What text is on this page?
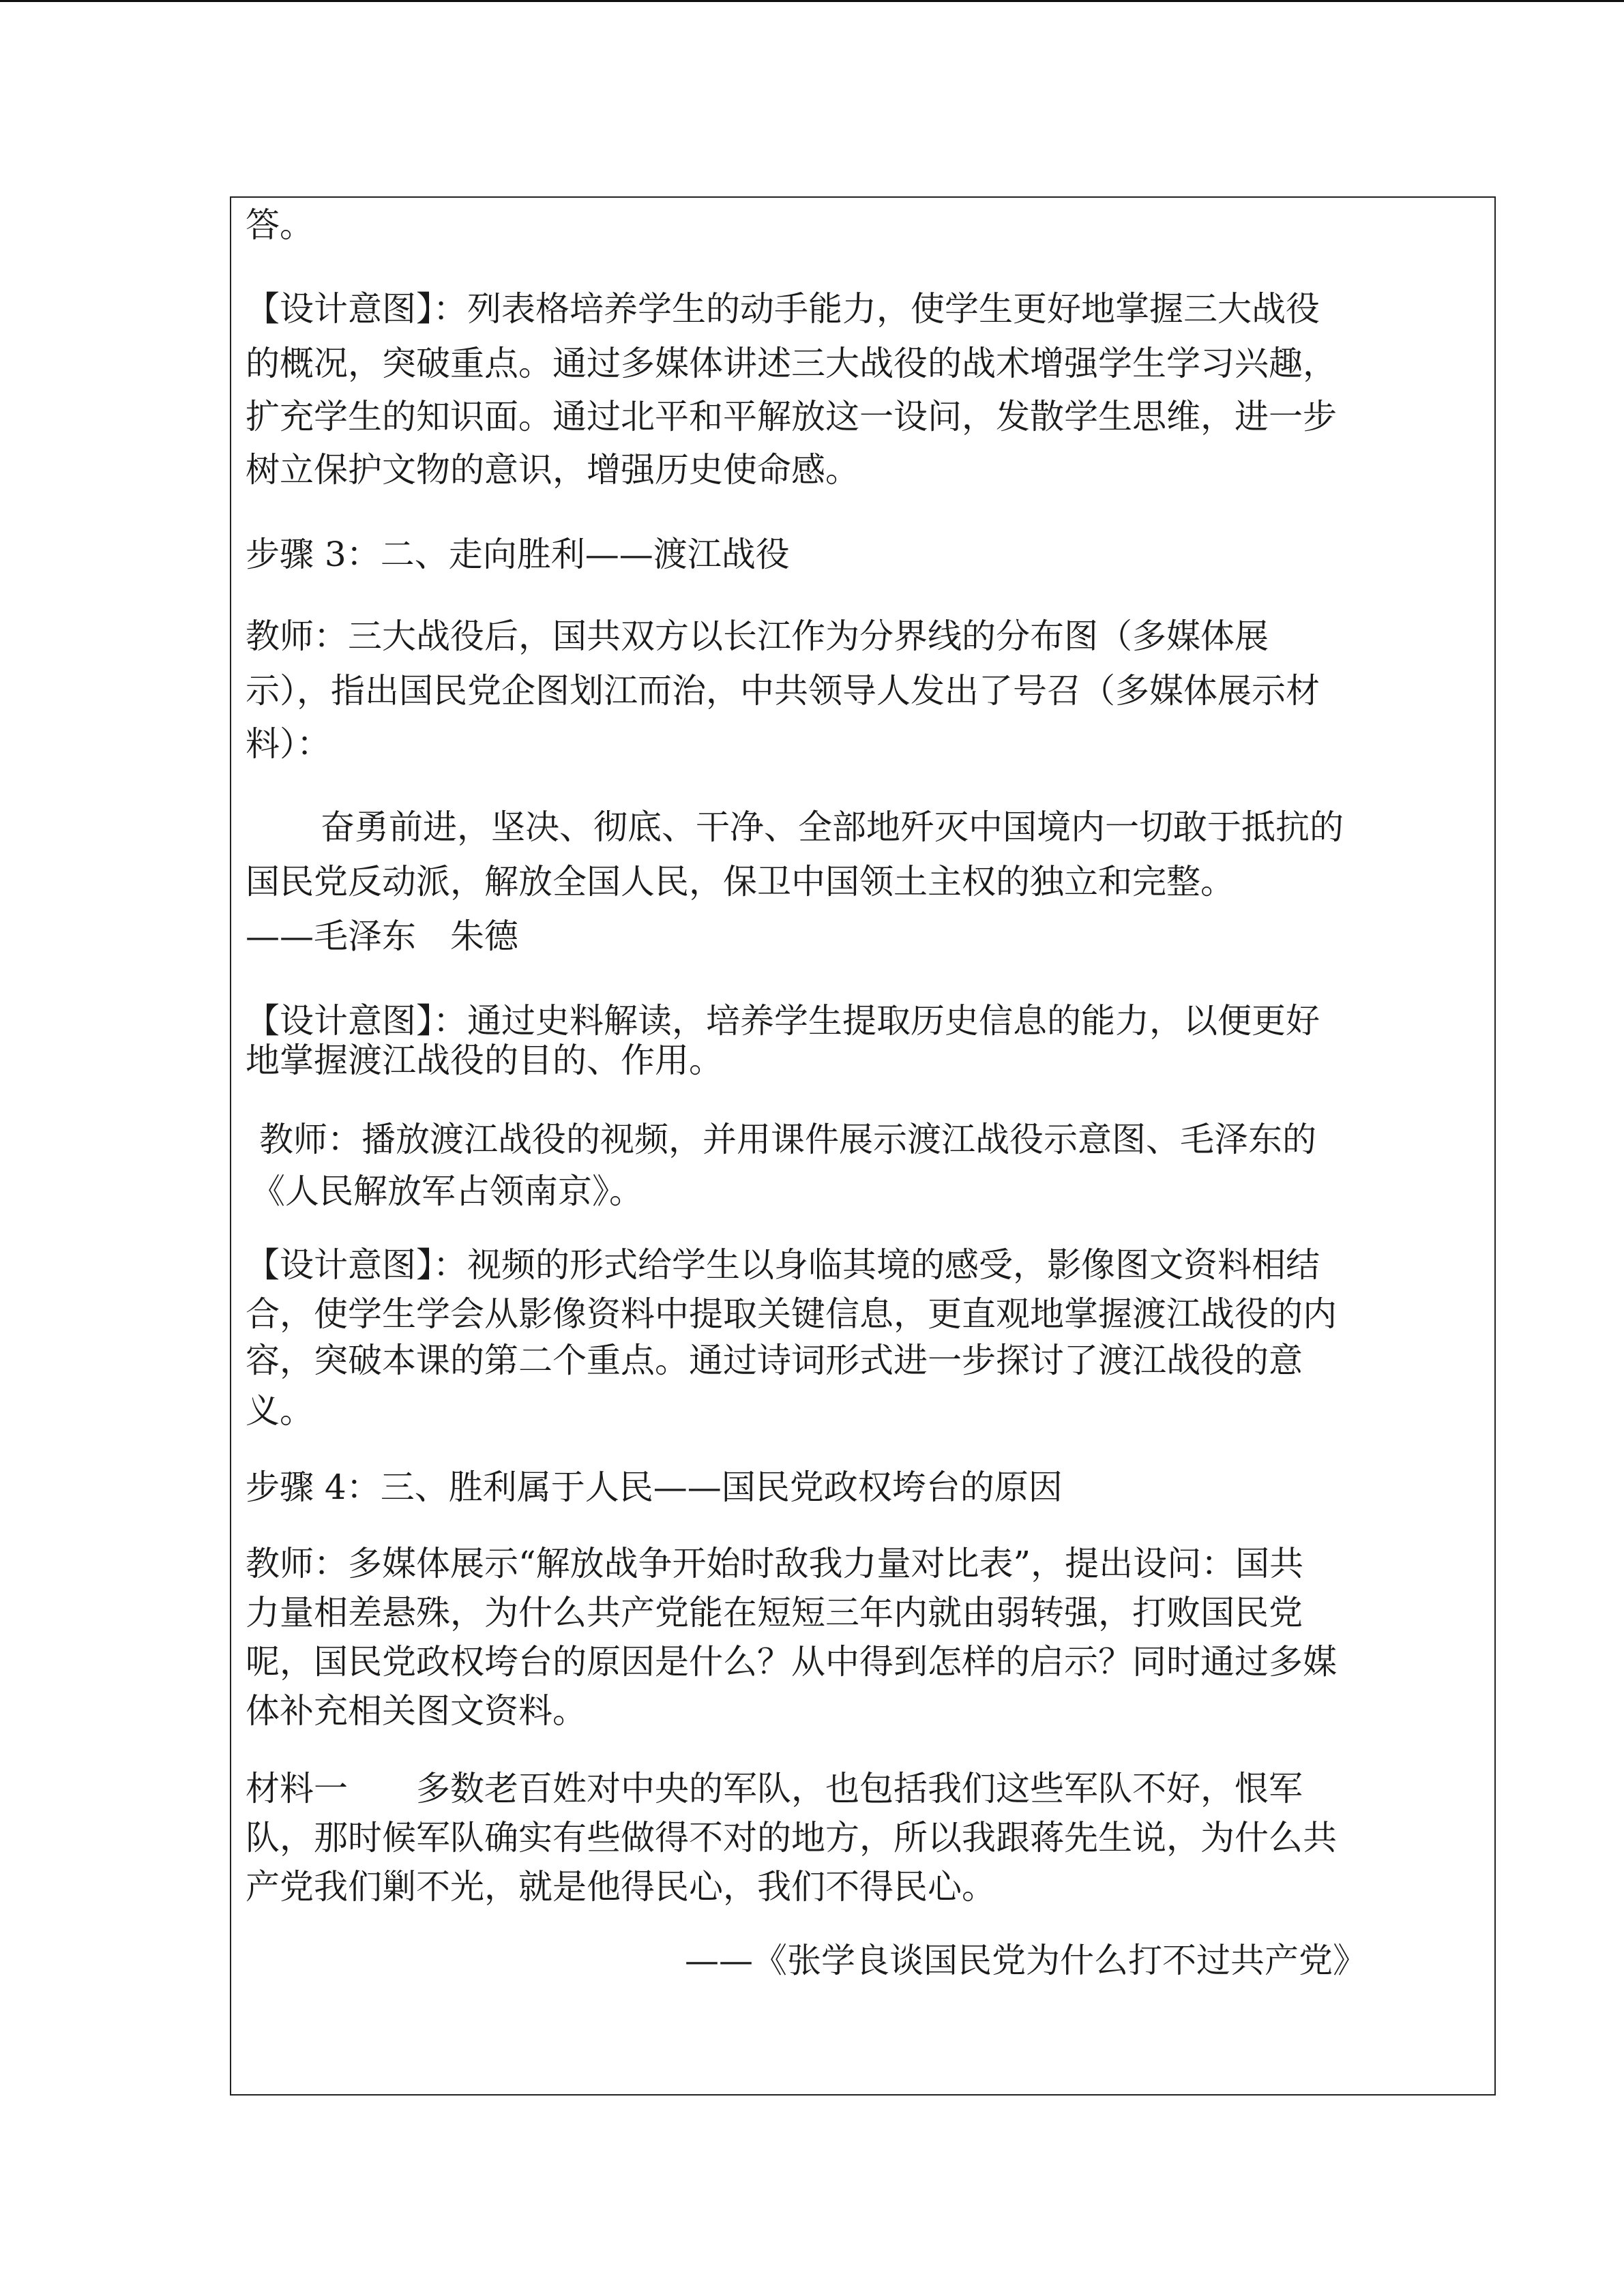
答。
【设计意图】：列表格培养学生的动手能力，使学生更好地掌握三大战役
的概况，突破重点。通过多媒体讲述三大战役的战术增强学生学习兴趣，
扩充学生的知识面。通过北平和平解放这一设问，发散学生思维，进一步
树立保护文物的意识，增强历史使命感。
步骤 3：二、走向胜利——渡江战役
教师：三大战役后，国共双方以长江作为分界线的分布图（多媒体展
示），指出国民党企图划江而治，中共领导人发出了号召（多媒体展示材
料）：
奋勇前进，坚决、彻底、干净、全部地歼灭中国境内一切敢于抵抗的
国民党反动派，解放全国人民，保卫中国领土主权的独立和完整。
——毛泽东　朱德
【设计意图】：通过史料解读，培养学生提取历史信息的能力，以便更好
地掌握渡江战役的目的、作用。
教师：播放渡江战役的视频，并用课件展示渡江战役示意图、毛泽东的
《人民解放军占领南京》。
【设计意图】：视频的形式给学生以身临其境的感受，影像图文资料相结
合，使学生学会从影像资料中提取关键信息，更直观地掌握渡江战役的内
容，突破本课的第二个重点。通过诗词形式进一步探讨了渡江战役的意
义。
步骤 4：三、胜利属于人民——国民党政权垮台的原因
教师：多媒体展示“解放战争开始时敌我力量对比表”，提出设问：国共
力量相差悬殊，为什么共产党能在短短三年内就由弱转强，打败国民党
呢，国民党政权垮台的原因是什么？从中得到怎样的启示？同时通过多媒
体补充相关图文资料。
材料一　　多数老百姓对中央的军队，也包括我们这些军队不好，恨军
队，那时候军队确实有些做得不对的地方，所以我跟蒋先生说，为什么共
产党我们剿不光，就是他得民心，我们不得民心。
——《张学良谈国民党为什么打不过共产党》
